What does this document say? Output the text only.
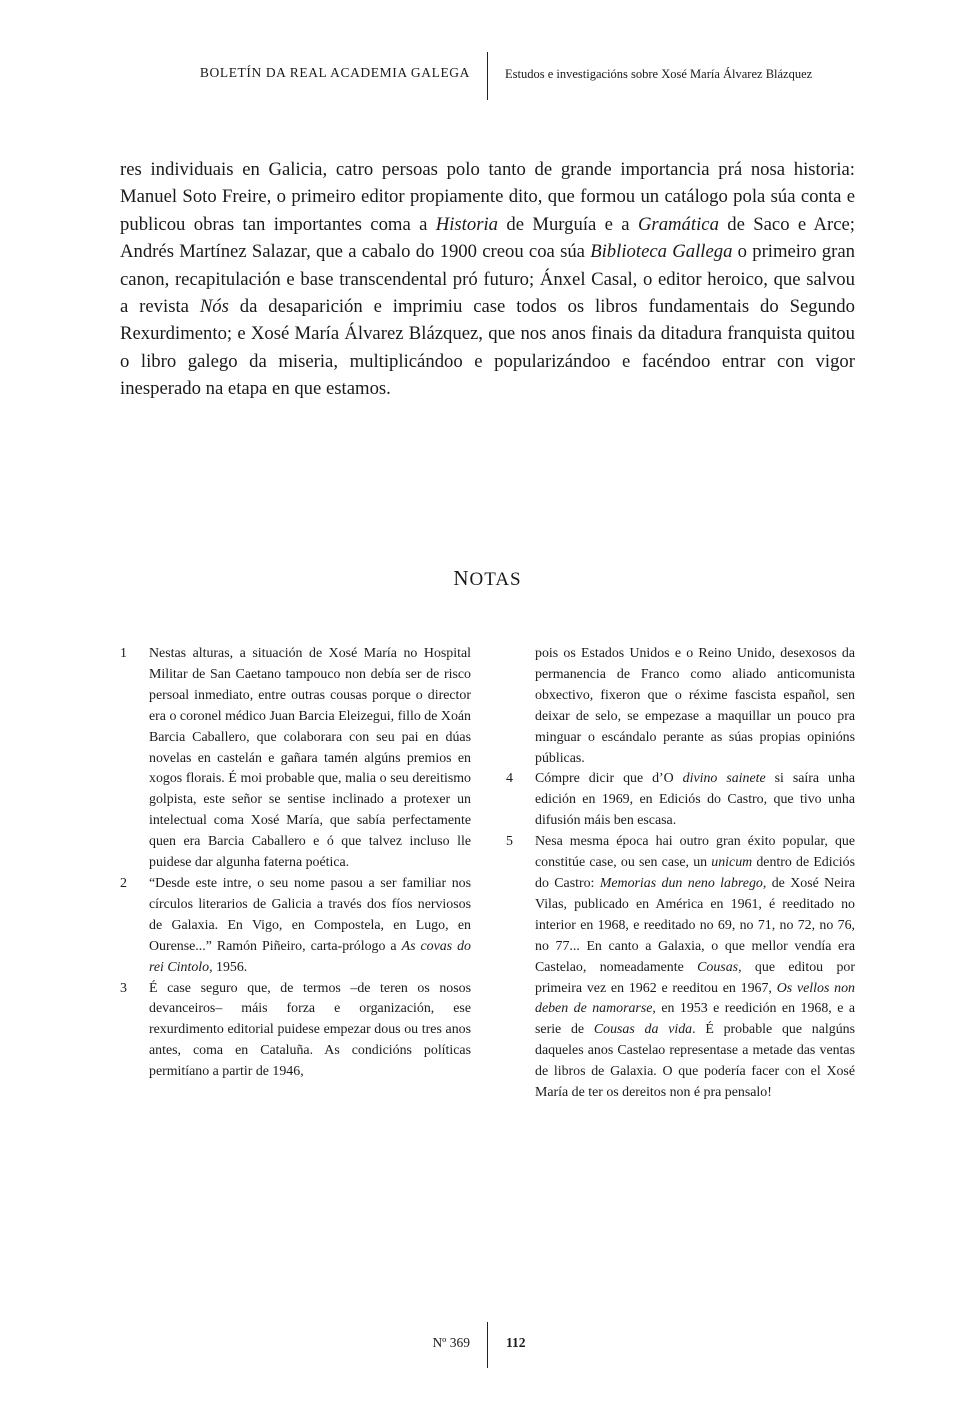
BOLETÍN DA REAL ACADEMIA GALEGA	Estudos e investigacións sobre Xosé María Álvarez Blázquez

res individuais en Galicia, catro persoas polo tanto de grande importancia prá nosa historia: Manuel Soto Freire, o primeiro editor propiamente dito, que formou un catálogo pola súa conta e publicou obras tan importantes coma a Historia de Murguía e a Gramática de Saco e Arce; Andrés Martínez Salazar, que a cabalo do 1900 creou coa súa Biblioteca Gallega o primeiro gran canon, recapitulación e base transcendental pró futuro; Ánxel Casal, o editor heroico, que salvou a revista Nós da desaparición e imprimiu case todos os libros fundamentais do Segundo Rexurdimento; e Xosé María Álvarez Blázquez, que nos anos finais da ditadura franquista quitou o libro galego da miseria, multiplicándoo e popularizándoo e facéndoo entrar con vigor inesperado na etapa en que estamos.

NOTAS

1 Nestas alturas, a situación de Xosé María no Hospital Militar de San Caetano tampouco non debía ser de risco persoal inmediato, entre outras cousas porque o director era o coronel médico Juan Barcia Eleizegui, fillo de Xoán Barcia Caballero, que colaborara con seu pai en dúas novelas en castelán e gañara tamén algúns premios en xogos florais. É moi probable que, malia o seu dereitismo golpista, este señor se sentise inclinado a protexer un intelectual coma Xosé María, que sabía perfectamente quen era Barcia Caballero e ó que talvez incluso lle puidese dar algunha faterna poética.

2 “Desde este intre, o seu nome pasou a ser familiar nos círculos literarios de Galicia a través dos fíos nerviosos de Galaxia. En Vigo, en Compostela, en Lugo, en Ourense...” Ramón Piñeiro, carta-prólogo a As covas do rei Cintolo, 1956.

3 É case seguro que, de termos –de teren os nosos devanceiros– máis forza e organización, ese rexurdimento editorial puidese empezar dous ou tres anos antes, coma en Cataluña. As condicións políticas permitíano a partir de 1946,

pois os Estados Unidos e o Reino Unido, desexosos da permanencia de Franco como aliado anticomunista obxectivo, fixeron que o réxime fascista español, sen deixar de selo, se empezase a maquillar un pouco pra minguar o escándalo perante as súas propias opinións públicas.

4 Cómpre dicir que d’O divino sainete si saíra unha edición en 1969, en Ediciós do Castro, que tivo unha difusión máis ben escasa.

5 Nesa mesma época hai outro gran éxito popular, que constitúe case, ou sen case, un unicum dentro de Ediciós do Castro: Memorias dun neno labrego, de Xosé Neira Vilas, publicado en América en 1961, é reeditado no interior en 1968, e reeditado no 69, no 71, no 72, no 76, no 77... En canto a Galaxia, o que mellor vendía era Castelao, nomeadamente Cousas, que editou por primeira vez en 1962 e reeditou en 1967, Os vellos non deben de namorarse, en 1953 e reedición en 1968, e a serie de Cousas da vida. É probable que nalgúns daqueles anos Castelao representase a metade das ventas de libros de Galaxia. O que podería facer con el Xosé María de ter os dereitos non é pra pensalo!

Nº 369	112
